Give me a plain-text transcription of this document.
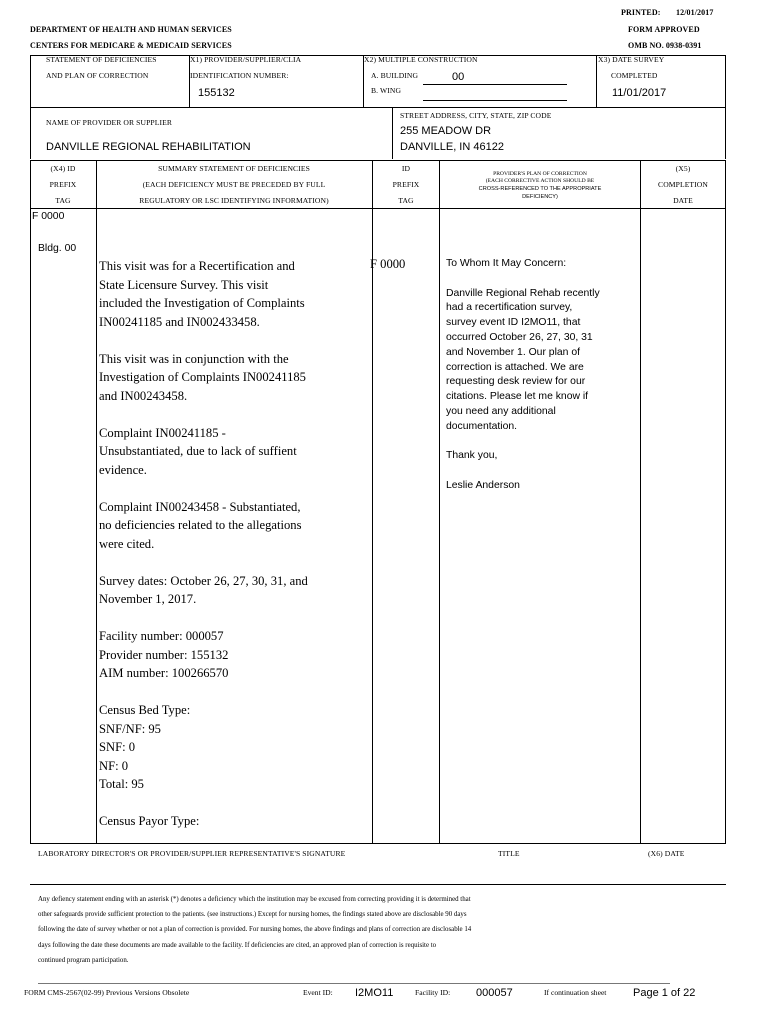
PRINTED: 12/01/2017
DEPARTMENT OF HEALTH AND HUMAN SERVICES	FORM APPROVED
CENTERS FOR MEDICARE & MEDICAID SERVICES	OMB NO. 0938-0391
STATEMENT OF DEFICIENCIES
AND PLAN OF CORRECTION
X1) PROVIDER/SUPPLIER/CLIA
IDENTIFICATION NUMBER:
155132
X2) MULTIPLE CONSTRUCTION
A. BUILDING	00
B. WING
X3) DATE SURVEY
COMPLETED
11/01/2017
NAME OF PROVIDER OR SUPPLIER
DANVILLE REGIONAL REHABILITATION
STREET ADDRESS, CITY, STATE, ZIP CODE
255 MEADOW DR
DANVILLE, IN 46122
(X4) ID
PREFIX
TAG
SUMMARY STATEMENT OF DEFICIENCIES
(EACH DEFICIENCY MUST BE PRECEDED BY FULL
REGULATORY OR LSC IDENTIFYING INFORMATION)
ID
PREFIX
TAG
PROVIDER'S PLAN OF CORRECTION
(EACH CORRECTIVE ACTION SHOULD BE
CROSS-REFERENCED TO THE APPROPRIATE
DEFICIENCY)
(X5)
COMPLETION
DATE
F 0000
Bldg. 00
F 0000
This visit was for a Recertification and
State Licensure Survey. This visit
included the Investigation of Complaints
IN00241185 and IN002433458.

This visit was in conjunction with the
Investigation of Complaints IN00241185
and IN00243458.

Complaint IN00241185 -
Unsubstantiated, due to lack of suffient
evidence.

Complaint IN00243458 - Substantiated,
no deficiencies related to the allegations
were cited.

Survey dates: October 26, 27, 30, 31, and
November 1, 2017.

Facility number: 000057
Provider number: 155132
AIM number: 100266570

Census Bed Type:
SNF/NF: 95
SNF: 0
NF: 0
Total: 95

Census Payor Type:
To Whom It May Concern:

Danville Regional Rehab recently
had a recertification survey,
survey event ID I2MO11, that
occurred October 26, 27, 30, 31
and November 1. Our plan of
correction is attached. We are
requesting desk review for our
citations. Please let me know if
you need any additional
documentation.

Thank you,

Leslie Anderson
LABORATORY DIRECTOR'S OR PROVIDER/SUPPLIER REPRESENTATIVE'S SIGNATURE	TITLE	(X6) DATE
Any defiency statement ending with an asterisk (*) denotes a deficiency which the institution may be excused from correcting providing it is determined that
other safeguards provide sufficient protection to the patients. (see instructions.) Except for nursing homes, the findings stated above are disclosable 90 days
following the date of survey whether or not a plan of correction is provided. For nursing homes, the above findings and plans of correction are disclosable 14
days following the date these documents are made available to the facility. If deficiencies are cited, an approved plan of correction is requisite to
continued program participation.
FORM CMS-2567(02-99) Previous Versions Obsolete	Event ID: I2MO11	Facility ID: 000057	If continuation sheet Page 1 of 22
